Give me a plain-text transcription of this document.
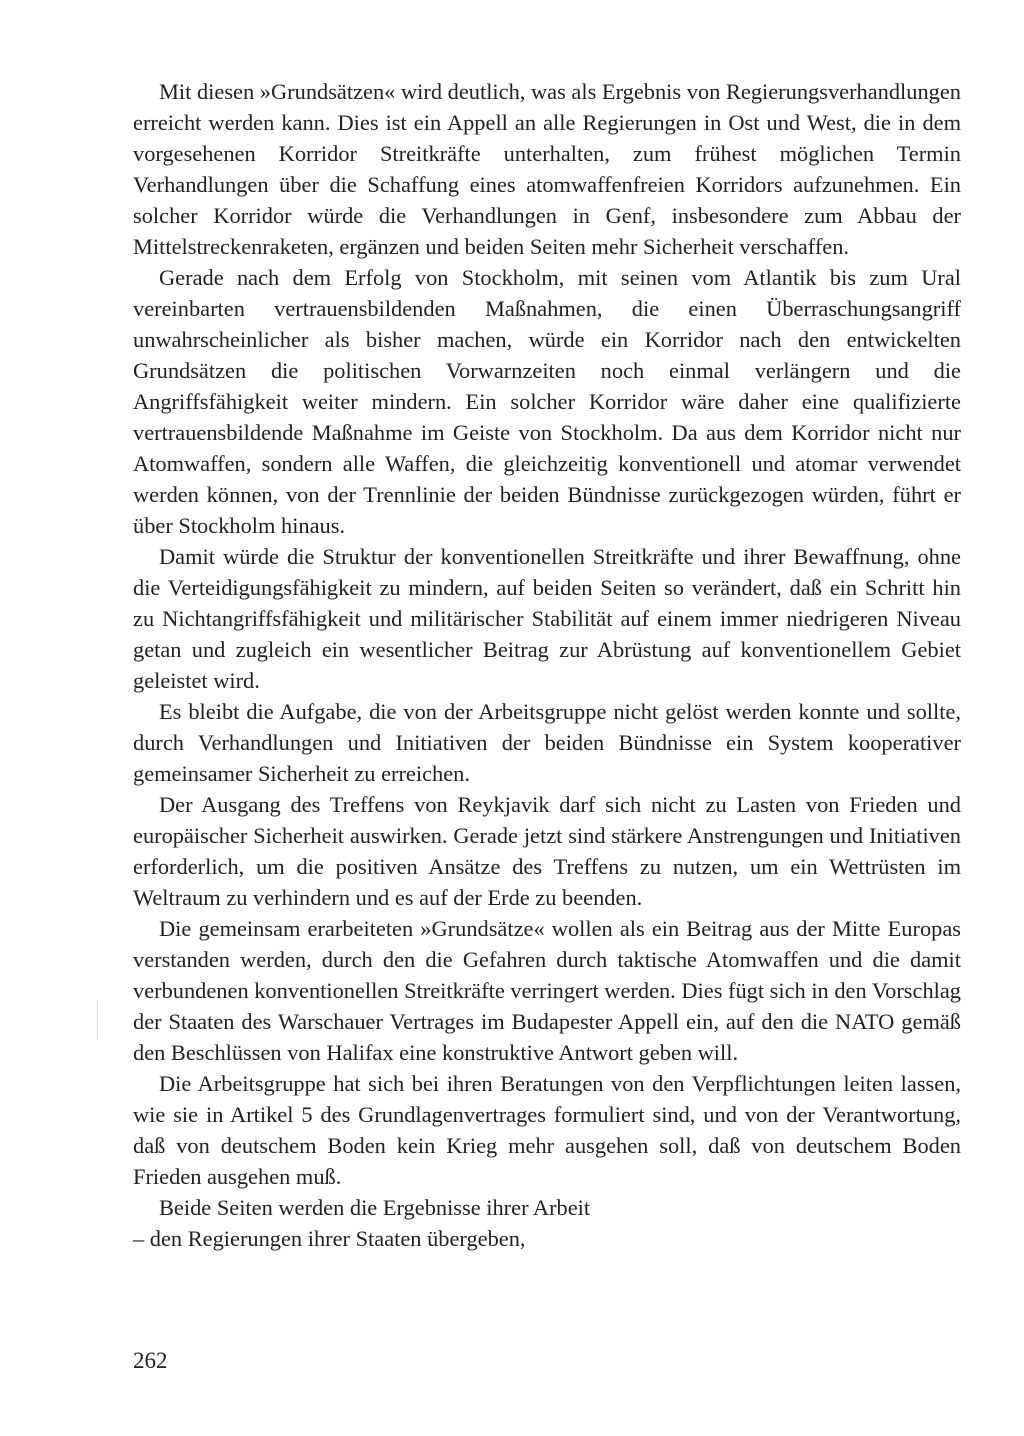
Mit diesen »Grundsätzen« wird deutlich, was als Ergebnis von Regierungsverhandlungen erreicht werden kann. Dies ist ein Appell an alle Regierungen in Ost und West, die in dem vorgesehenen Korridor Streitkräfte unterhalten, zum frühest möglichen Termin Verhandlungen über die Schaffung eines atomwaffenfreien Korridors aufzunehmen. Ein solcher Korridor würde die Verhandlungen in Genf, insbesondere zum Abbau der Mittelstreckenraketen, ergänzen und beiden Seiten mehr Sicherheit verschaffen.

Gerade nach dem Erfolg von Stockholm, mit seinen vom Atlantik bis zum Ural vereinbarten vertrauensbildenden Maßnahmen, die einen Überraschungsangriff unwahrscheinlicher als bisher machen, würde ein Korridor nach den entwickelten Grundsätzen die politischen Vorwarnzeiten noch einmal verlängern und die Angriffsfähigkeit weiter mindern. Ein solcher Korridor wäre daher eine qualifizierte vertrauensbildende Maßnahme im Geiste von Stockholm. Da aus dem Korridor nicht nur Atomwaffen, sondern alle Waffen, die gleichzeitig konventionell und atomar verwendet werden können, von der Trennlinie der beiden Bündnisse zurückgezogen würden, führt er über Stockholm hinaus.

Damit würde die Struktur der konventionellen Streitkräfte und ihrer Bewaffnung, ohne die Verteidigungsfähigkeit zu mindern, auf beiden Seiten so verändert, daß ein Schritt hin zu Nichtangriffsfähigkeit und militärischer Stabilität auf einem immer niedrigeren Niveau getan und zugleich ein wesentlicher Beitrag zur Abrüstung auf konventionellem Gebiet geleistet wird.

Es bleibt die Aufgabe, die von der Arbeitsgruppe nicht gelöst werden konnte und sollte, durch Verhandlungen und Initiativen der beiden Bündnisse ein System kooperativer gemeinsamer Sicherheit zu erreichen.

Der Ausgang des Treffens von Reykjavik darf sich nicht zu Lasten von Frieden und europäischer Sicherheit auswirken. Gerade jetzt sind stärkere Anstrengungen und Initiativen erforderlich, um die positiven Ansätze des Treffens zu nutzen, um ein Wettrüsten im Weltraum zu verhindern und es auf der Erde zu beenden.

Die gemeinsam erarbeiteten »Grundsätze« wollen als ein Beitrag aus der Mitte Europas verstanden werden, durch den die Gefahren durch taktische Atomwaffen und die damit verbundenen konventionellen Streitkräfte verringert werden. Dies fügt sich in den Vorschlag der Staaten des Warschauer Vertrages im Budapester Appell ein, auf den die NATO gemäß den Beschlüssen von Halifax eine konstruktive Antwort geben will.

Die Arbeitsgruppe hat sich bei ihren Beratungen von den Verpflichtungen leiten lassen, wie sie in Artikel 5 des Grundlagenvertrages formuliert sind, und von der Verantwortung, daß von deutschem Boden kein Krieg mehr ausgehen soll, daß von deutschem Boden Frieden ausgehen muß.

Beide Seiten werden die Ergebnisse ihrer Arbeit

– den Regierungen ihrer Staaten übergeben,

262
